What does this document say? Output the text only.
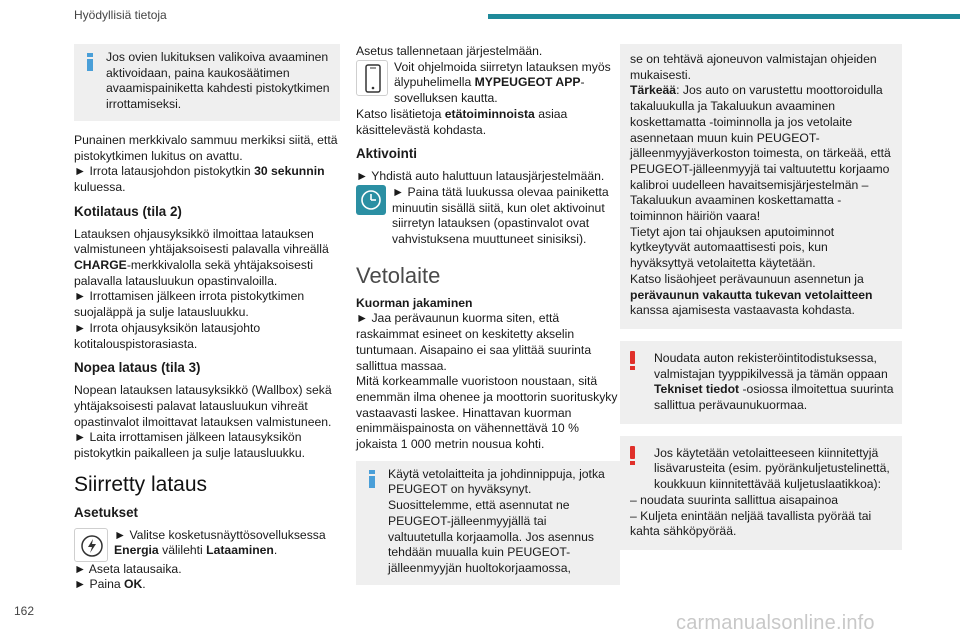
Hyödyllisiä tietoja
Jos ovien lukituksen valikoiva avaaminen aktivoidaan, paina kaukosäätimen avaamispainiketta kahdesti pistokytkimen irrottamiseksi.
Punainen merkkivalo sammuu merkiksi siitä, että pistokytkimen lukitus on avattu.
► Irrota latausjohdon pistokytkin 30 sekunnin kuluessa.
Kotilataus (tila 2)
Latauksen ohjausyksikkö ilmoittaa latauksen valmistuneen yhtäjaksoisesti palavalla vihreällä CHARGE-merkkivalolla sekä yhtäjaksoisesti palavalla latausluukun opastinvaloilla.
► Irrottamisen jälkeen irrota pistokytkimen suojaläppä ja sulje latausluukku.
► Irrota ohjausyksikön latausjohto kotitalouspistorasiasta.
Nopea lataus (tila 3)
Nopean latauksen latausyksikkö (Wallbox) sekä yhtäjaksoisesti palavat latausluukun vihreät opastinvalot ilmoittavat latauksen valmistuneen.
► Laita irrottamisen jälkeen latausyksikön pistokytkin paikalleen ja sulje latausluukku.
Siirretty lataus
Asetukset
► Valitse kosketusnäyttösovelluksessa Energia välilehti Lataaminen.
► Aseta latausaika.
► Paina OK.
Asetus tallennetaan järjestelmään.
Voit ohjelmoida siirretyn latauksen myös älypuhelimella MYPEUGEOT APP-sovelluksen kautta.
Katso lisätietoja etätoiminnoista asiaa käsittelevästä kohdasta.
Aktivointi
► Yhdistä auto haluttuun latausjärjestelmään.
► Paina tätä luukussa olevaa painiketta minuutin sisällä siitä, kun olet aktivoinut siirretyn latauksen (opastinvalot ovat vahvistuksena muuttuneet sinisiksi).
Vetolaite
Kuorman jakaminen
► Jaa perävaunun kuorma siten, että raskaimmat esineet on keskitetty akselin tuntumaan. Aisapaino ei saa ylittää suurinta sallittua massaa.
Mitä korkeammalle vuoristoon noustaan, sitä enemmän ilma ohenee ja moottorin suorituskyky vastaavasti laskee. Hinattavan kuorman enimmäispainosta on vähennettävä 10 % jokaista 1 000 metrin nousua kohti.
Käytä vetolaitteita ja johdinnippuja, jotka PEUGEOT on hyväksynyt. Suosittelemme, että asennutat ne PEUGEOT-jälleenmyyjällä tai valtuutetulla korjaamolla. Jos asennus tehdään muualla kuin PEUGEOT-jälleenmyyjän huoltokorjaamossa,
se on tehtävä ajoneuvon valmistajan ohjeiden mukaisesti.
Tärkeää: Jos auto on varustettu moottoroidulla takaluukulla ja Takaluukun avaaminen koskettamatta -toiminnolla ja jos vetolaite asennetaan muun kuin PEUGEOT-jälleenmyyjäverkoston toimesta, on tärkeää, että PEUGEOT-jälleenmyyjä tai valtuutettu korjaamo kalibroi uudelleen havaitsemisjärjestelmän – Takaluukun avaaminen koskettamatta -toiminnon häiriön vaara!
Tietyt ajon tai ohjauksen aputoiminnot kytkeytyvät automaattisesti pois, kun hyväksyttyä vetolaitetta käytetään.
Katso lisäohjeet perävaunuun asennetun ja perävaunun vakautta tukevan vetolaitteen kanssa ajamisesta vastaavasta kohdasta.
Noudata auton rekisteröintitodistuksessa, valmistajan tyyppikilvessä ja tämän oppaan Tekniset tiedot -osiossa ilmoitettua suurinta sallittua perävaunukuormaa.
Jos käytetään vetolaitteeseen kiinnitettyjä lisävarusteita (esim. pyöränkuljetustelinettä, koukkuun kiinnitettävää kuljetuslaatikkoa):
– noudata suurinta sallittua aisapainoa
– Kuljeta enintään neljää tavallista pyörää tai kahta sähköpyörää.
162
carmanualsonline.info
